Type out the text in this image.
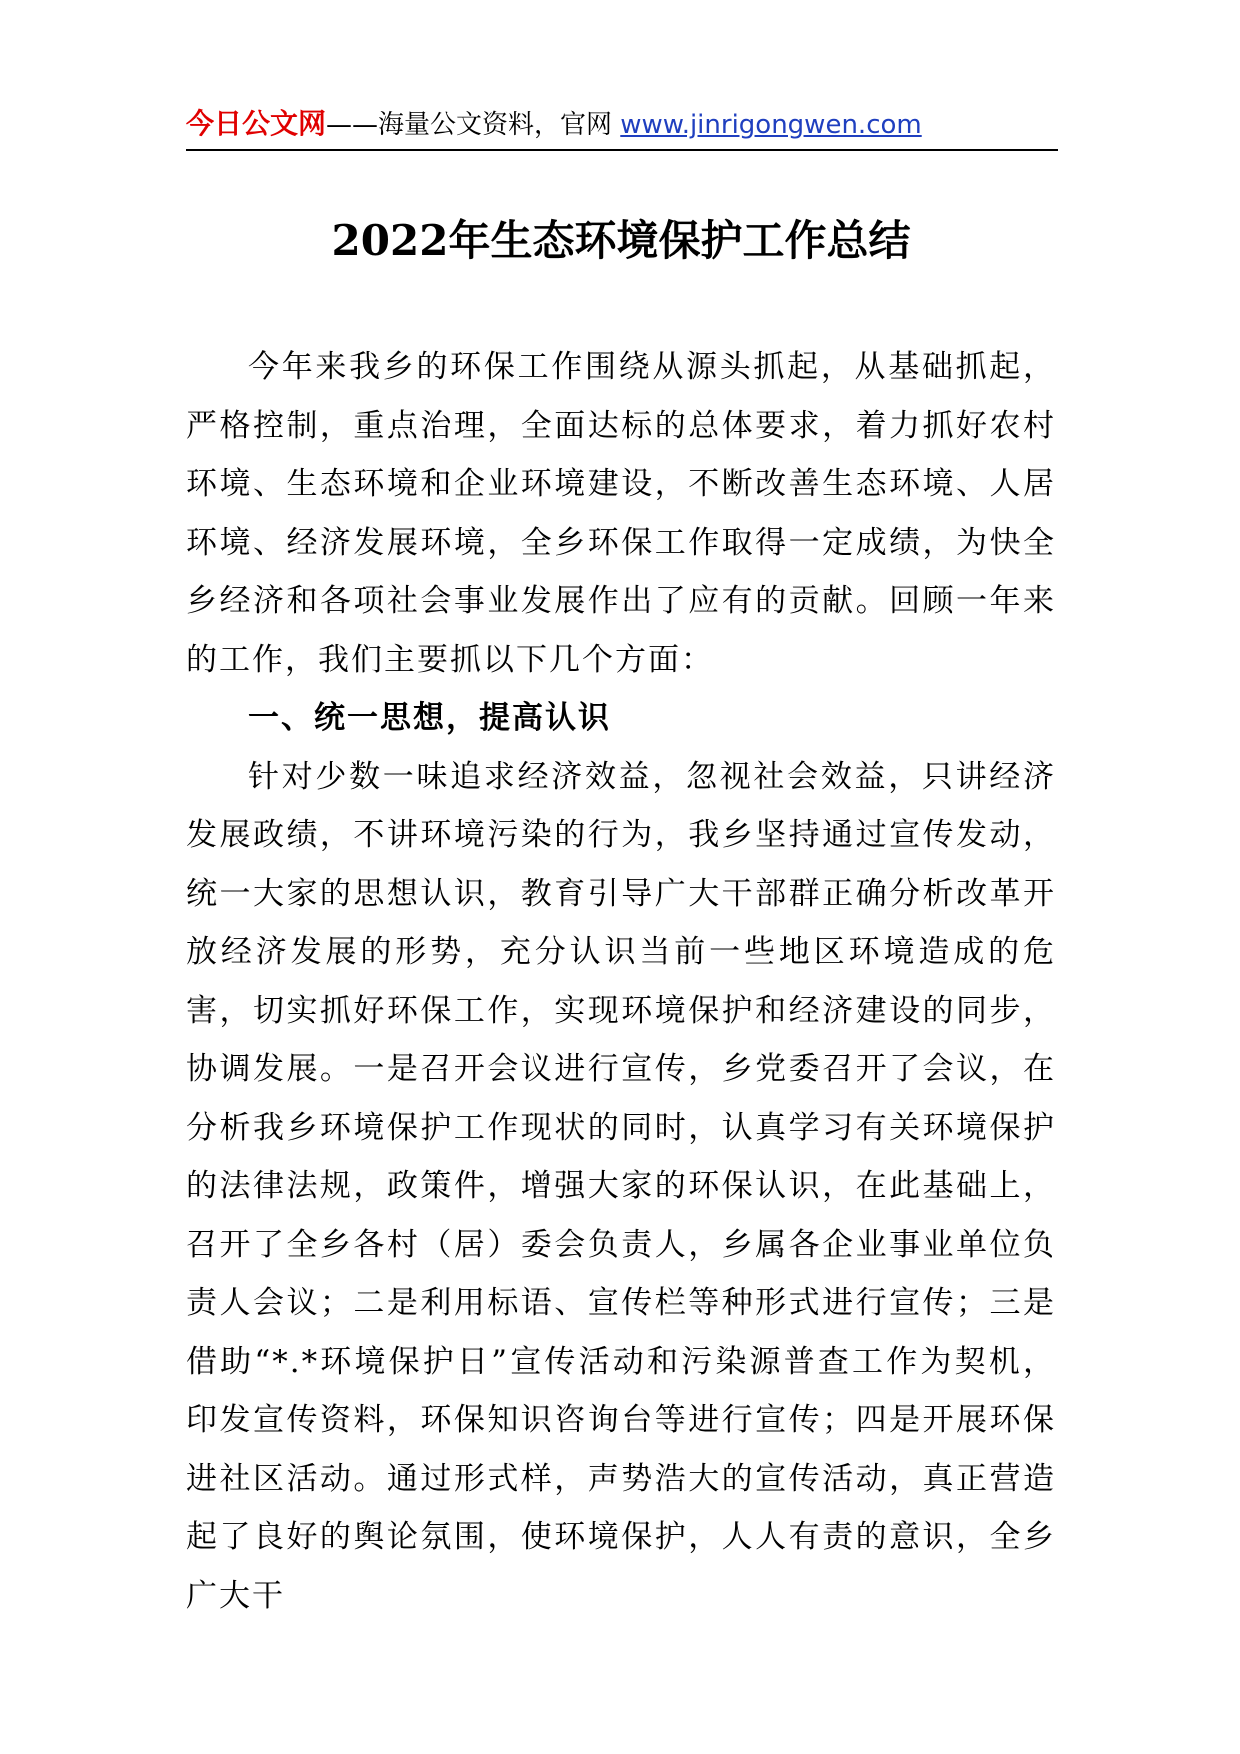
今日公文网——海量公文资料，官网 www.jinrigongwen.com
2022年生态环境保护工作总结

今年来我乡的环保工作围绕从源头抓起，从基础抓起，严格控制，重点治理，全面达标的总体要求，着力抓好农村环境、生态环境和企业环境建设，不断改善生态环境、人居环境、经济发展环境，全乡环保工作取得一定成绩，为快全乡经济和各项社会事业发展作出了应有的贡献。回顾一年来的工作，我们主要抓以下几个方面：

一、统一思想，提高认识

针对少数一味追求经济效益，忽视社会效益，只讲经济发展政绩，不讲环境污染的行为，我乡坚持通过宣传发动，统一大家的思想认识，教育引导广大干部群正确分析改革开放经济发展的形势，充分认识当前一些地区环境造成的危害，切实抓好环保工作，实现环境保护和经济建设的同步，协调发展。一是召开会议进行宣传，乡党委召开了会议，在分析我乡环境保护工作现状的同时，认真学习有关环境保护的法律法规，政策件，增强大家的环保认识，在此基础上，召开了全乡各村（居）委会负责人，乡属各企业事业单位负责人会议；二是利用标语、宣传栏等种形式进行宣传；三是借助“*.*环境保护日”宣传活动和污染源普查工作为契机，印发宣传资料，环保知识咨询台等进行宣传；四是开展环保进社区活动。通过形式样，声势浩大的宣传活动，真正营造起了良好的舆论氛围，使环境保护，人人有责的意识，全乡广大干
